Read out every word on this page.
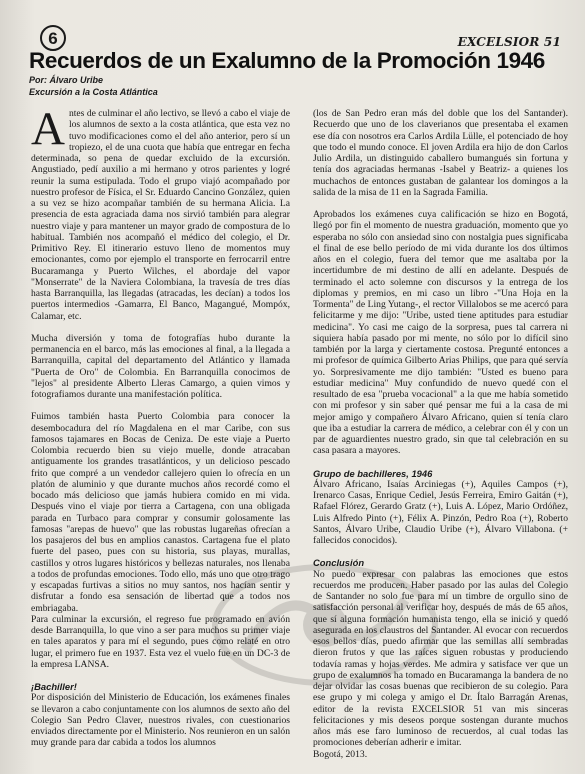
6	EXCELSIOR 51
Recuerdos de un Exalumno de la Promoción 1946
Por: Álvaro Uribe
Excursión a la Costa Atlántica

Antes de culminar el año lectivo, se llevó a cabo el viaje de los alumnos de sexto a la costa atlántica, que esta vez no tuvo modificaciones como el del año anterior, pero sí un tropiezo, el de una cuota que había que entregar en fecha determinada, so pena de quedar excluido de la excursión. Angustiado, pedí auxilio a mi hermano y otros parientes y logré reunir la suma estipulada. Todo el grupo viajó acompañado por nuestro profesor de Física, el Sr. Eduardo Cancino González, quien a su vez se hizo acompañar también de su hermana Alicia. La presencia de esta agraciada dama nos sirvió también para alegrar nuestro viaje y para mantener un mayor grado de compostura de lo habitual. También nos acompañó el médico del colegio, el Dr. Primitivo Rey. El itinerario estuvo lleno de momentos muy emocionantes, como por ejemplo el transporte en ferrocarril entre Bucaramanga y Puerto Wilches, el abordaje del vapor "Monserrate" de la Naviera Colombiana, la travesía de tres días hasta Barranquilla, las llegadas (atracadas, les decían) a todos los puertos intermedios -Gamarra, El Banco, Magangué, Mompóx, Calamar, etc.

Mucha diversión y toma de fotografías hubo durante la permanencia en el barco, más las emociones al final, a la llegada a Barranquilla, capital del departamento del Atlántico y llamada "Puerta de Oro" de Colombia. En Barranquilla conocimos de "lejos" al presidente Alberto Lleras Camargo, a quien vimos y fotografiamos durante una manifestación política.

Fuimos también hasta Puerto Colombia para conocer la desembocadura del río Magdalena en el mar Caribe, con sus famosos tajamares en Bocas de Ceniza. De este viaje a Puerto Colombia recuerdo bien su viejo muelle, donde atracaban antiguamente los grandes trasatlánticos, y un delicioso pescado frito que compré a un vendedor callejero quien lo ofrecía en un platón de aluminio y que durante muchos años recordé como el bocado más delicioso que jamás hubiera comido en mi vida. Después vino el viaje por tierra a Cartagena, con una obligada parada en Turbaco para comprar y consumir golosamente las famosas "arepas de huevo" que las robustas lugareñas ofrecían a los pasajeros del bus en amplios canastos. Cartagena fue el plato fuerte del paseo, pues con su historia, sus playas, murallas, castillos y otros lugares históricos y bellezas naturales, nos llenaba a todos de profundas emociones. Todo ello, más uno que otro trago y escapadas furtivas a sitios no muy santos, nos hacían sentir y disfrutar a fondo esa sensación de libertad que a todos nos embriagaba.

Para culminar la excursión, el regreso fue programado en avión desde Barranquilla, lo que vino a ser para muchos su primer viaje en tales aparatos y para mí el segundo, pues como relaté en otro lugar, el primero fue en 1937. Esta vez el vuelo fue en un DC-3 de la empresa LANSA.

¡Bachiller!

Por disposición del Ministerio de Educación, los exámenes finales se llevaron a cabo conjuntamente con los alumnos de sexto año del Colegio San Pedro Claver, nuestros rivales, con cuestionarios enviados directamente por el Ministerio. Nos reunieron en un salón muy grande para dar cabida a todos los alumnos

(los de San Pedro eran más del doble que los del Santander). Recuerdo que uno de los claverianos que presentaba el examen ese día con nosotros era Carlos Ardila Lülle, el potenciado de hoy que todo el mundo conoce. El joven Ardila era hijo de don Carlos Julio Ardila, un distinguido caballero bumangués sin fortuna y tenía dos agraciadas hermanas -Isabel y Beatriz- a quienes los muchachos de entonces gustaban de galantear los domingos a la salida de la misa de 11 en la Sagrada Familia.

Aprobados los exámenes cuya calificación se hizo en Bogotá, llegó por fin el momento de nuestra graduación, momento que yo esperaba no sólo con ansiedad sino con nostalgia pues significaba el final de ese bello período de mi vida durante los dos últimos años en el colegio, fuera del temor que me asaltaba por la incertidumbre de mi destino de allí en adelante. Después de terminado el acto solemne con discursos y la entrega de los diplomas y premios, en mi caso un libro -"Una Hoja en la Tormenta" de Ling Yutang-, el rector Villalobos se me acercó para felicitarme y me dijo: "Uribe, usted tiene aptitudes para estudiar medicina". Yo casi me caigo de la sorpresa, pues tal carrera ni siquiera había pasado por mi mente, no sólo por lo difícil sino también por la larga y ciertamente costosa. Pregunté entonces a mi profesor de química Gilberto Arias Philips, que para qué servía yo. Sorpresivamente me dijo también: "Usted es bueno para estudiar medicina" Muy confundido de nuevo quedé con el resultado de esa "prueba vocacional" a la que me había sometido con mi profesor y sin saber qué pensar me fui a la casa de mi mejor amigo y compañero Álvaro Africano, quien sí tenía claro que iba a estudiar la carrera de médico, a celebrar con él y con un par de aguardientes nuestro grado, sin que tal celebración en su casa pasara a mayores.

Grupo de bachilleres, 1946

Álvaro Africano, Isaías Arciniegas (+), Aquiles Campos (+), Irenarco Casas, Enrique Cediel, Jesús Ferreira, Emiro Gaitán (+), Rafael Flórez, Gerardo Gratz (+), Luis A. López, Mario Ordóñez, Luis Alfredo Pinto (+), Félix A. Pinzón, Pedro Roa (+), Roberto Santos, Álvaro Uribe, Claudio Uribe (+), Álvaro Villabona. (+ fallecidos conocidos).

Conclusión

No puedo expresar con palabras las emociones que estos recuerdos me producen. Haber pasado por las aulas del Colegio de Santander no solo fue para mí un timbre de orgullo sino de satisfacción personal al verificar hoy, después de más de 65 años, que sí alguna formación humanista tengo, ella se inició y quedó asegurada en los claustros del Santander. Al evocar con recuerdos esos bellos días, puedo afirmar que las semillas allí sembradas dieron frutos y que las raíces siguen robustas y produciendo todavía ramas y hojas verdes. Me admira y satisface ver que un grupo de exalumnos ha tomado en Bucaramanga la bandera de no dejar olvidar las cosas buenas que recibieron de su colegio. Para ese grupo y mi colega y amigo el Dr. Ítalo Barragán Arenas, editor de la revista EXCELSIOR 51 van mis sinceras felicitaciones y mis deseos porque sostengan durante muchos años más ese faro luminoso de recuerdos, al cual todas las promociones deberían adherir e imitar.

Bogotá, 2013.
